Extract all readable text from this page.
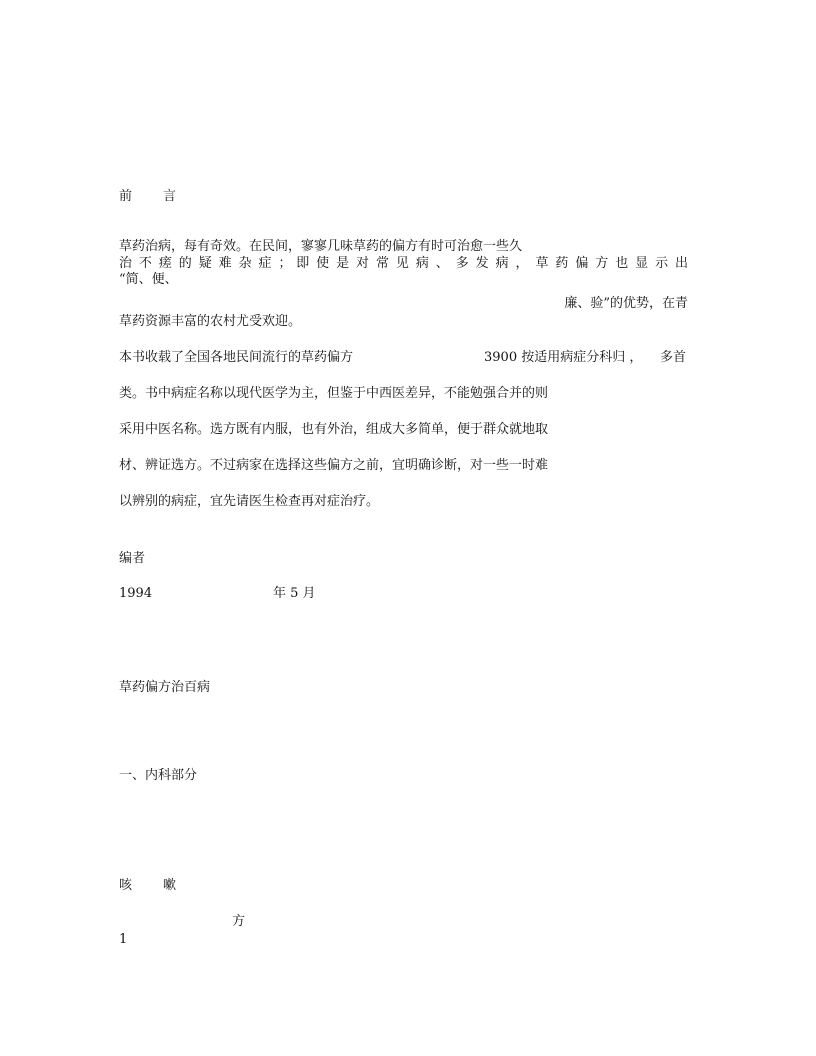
前 言
草药治病，每有奇效。在民间，寥寥几味草药的偏方有时可治愈一些久
治 不 瘥 的 疑 难 杂 症 ； 即 使 是 对 常 见 病 、 多 发 病 ， 草 药 偏 方 也 显 示 出
“简、便、
廉、验”的优势，在青
草药资源丰富的农村尤受欢迎。
本书收载了全国各地民间流行的草药偏方	3900 按适用病症分科归 ， 多首
类。书中病症名称以现代医学为主，但鉴于中西医差异，不能勉强合并的则
采用中医名称。选方既有内服，也有外治，组成大多简单，便于群众就地取
材、辨证选方。不过病家在选择这些偏方之前，宜明确诊断，对一些一时难
以辨别的病症，宜先请医生检查再对症治疗。
编者
1994	年 5 月
草药偏方治百病
一、内科部分
咳 嗽
方
1
